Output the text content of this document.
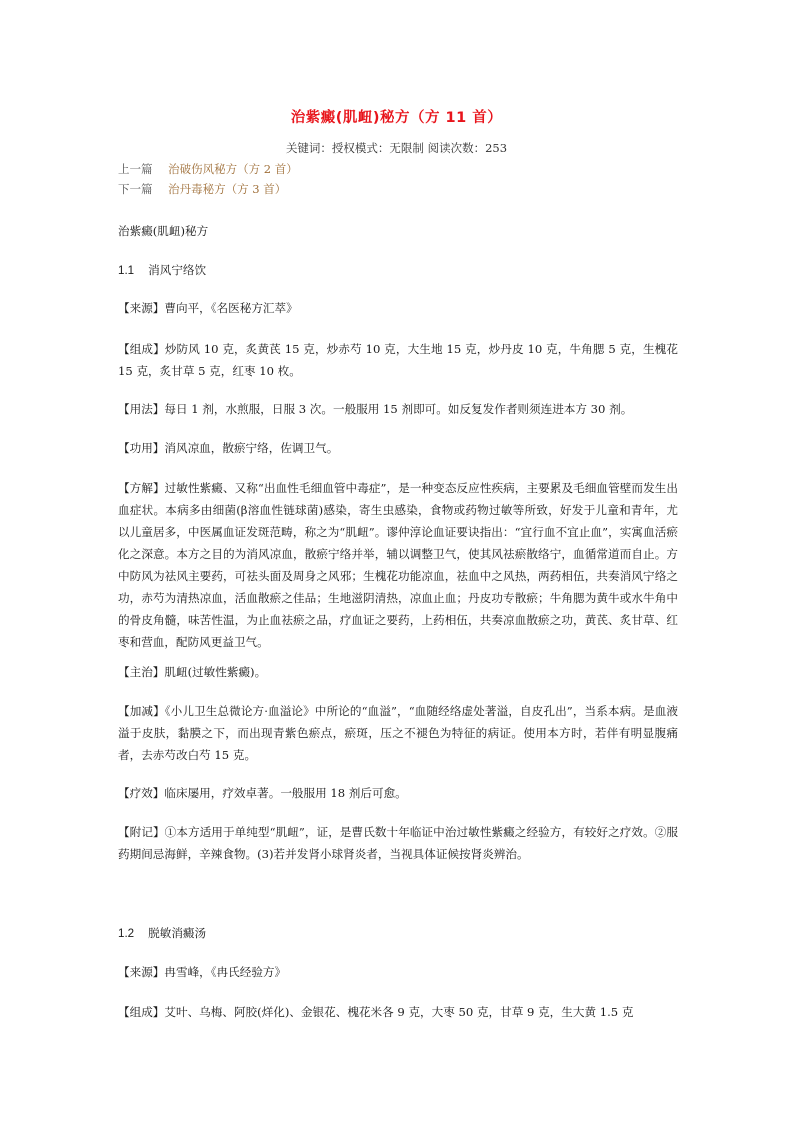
治紫癜(肌衄)秘方（方 11 首）
关键词：授权模式：无限制 阅读次数：253
上一篇 治破伤风秘方（方 2 首）
下一篇 治丹毒秘方（方 3 首）
治紫癜(肌衄)秘方
1.1 消风宁络饮
【来源】曹向平，《名医秘方汇萃》
【组成】炒防风 10 克，炙黄芪 15 克，炒赤芍 10 克，大生地 15 克，炒丹皮 10 克，牛角腮 5 克，生槐花 15 克，炙甘草 5 克，红枣 10 枚。
【用法】每日 1 剂，水煎服，日服 3 次。一般服用 15 剂即可。如反复发作者则须连进本方 30 剂。
【功用】消风凉血，散瘀宁络，佐调卫气。
【方解】过敏性紫癜、又称“出血性毛细血管中毒症”，是一种变态反应性疾病，主要累及毛细血管壁而发生出血症状。本病多由细菌(β溶血性链球菌)感染，寄生虫感染，食物或药物过敏等所致，好发于儿童和青年，尤以儿童居多，中医属血证发斑范畴，称之为“肌衄”。谬仲淳论血证要诀指出：“宜行血不宜止血”，实寓血活瘀化之深意。本方之目的为消风凉血，散瘀宁络并举，辅以调整卫气，使其风祛瘀散络宁，血循常道而自止。方中防风为祛风主要药，可祛头面及周身之风邪；生槐花功能凉血，祛血中之风热，两药相伍，共奏消风宁络之功，赤芍为清热凉血，活血散瘀之佳品；生地滋阴清热，凉血止血；丹皮功专散瘀；牛角腮为黄牛或水牛角中的骨皮角髓，味苦性温，为止血祛瘀之品，疗血证之要药，上药相伍，共奏凉血散瘀之功，黄芪、炙甘草、红枣和营血，配防风更益卫气。
【主治】肌衄(过敏性紫癜)。
【加减】《小儿卫生总微论方·血溢论》中所论的“血溢”，“血随经络虚处著溢，自皮孔出”，当系本病。是血液溢于皮肤，黏膜之下，而出现青紫色瘀点，瘀斑，压之不褪色为特征的病证。使用本方时，若伴有明显腹痛者，去赤芍改白芍 15 克。
【疗效】临床屡用，疗效卓著。一般服用 18 剂后可愈。
【附记】①本方适用于单纯型“肌衄”，证，是曹氏数十年临证中治过敏性紫癜之经验方，有较好之疗效。②服药期间忌海鲜，辛辣食物。(3)若并发肾小球肾炎者，当视具体证候按肾炎辨治。
1.2 脱敏消癜汤
【来源】冉雪峰，《冉氏经验方》
【组成】艾叶、乌梅、阿胶(烊化)、金银花、槐花米各 9 克，大枣 50 克，甘草 9 克，生大黄 1.5 克
